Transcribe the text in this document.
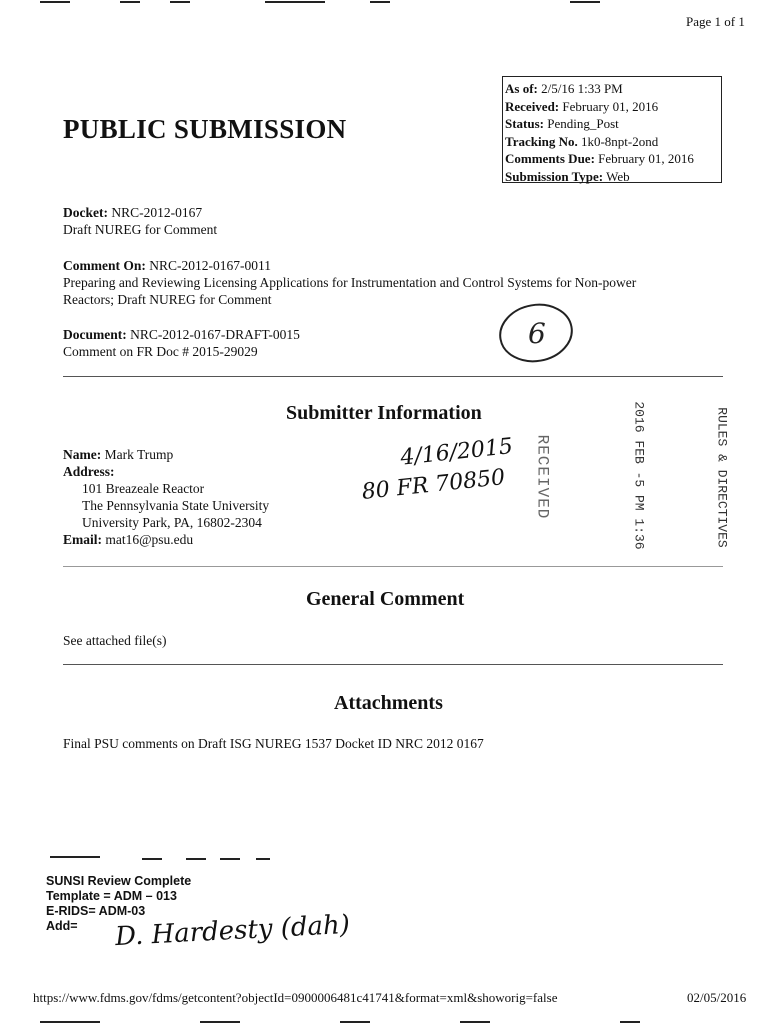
Page 1 of 1
PUBLIC SUBMISSION
As of: 2/5/16 1:33 PM
Received: February 01, 2016
Status: Pending_Post
Tracking No. 1k0-8npt-2ond
Comments Due: February 01, 2016
Submission Type: Web
Docket: NRC-2012-0167
Draft NUREG for Comment
Comment On: NRC-2012-0167-0011
Preparing and Reviewing Licensing Applications for Instrumentation and Control Systems for Non-power
Reactors; Draft NUREG for Comment
Document: NRC-2012-0167-DRAFT-0015
Comment on FR Doc # 2015-29029
6
Submitter Information
Name: Mark Trump
Address:
101 Breazeale Reactor
The Pennsylvania State University
University Park, PA, 16802-2304
Email: mat16@psu.edu
4/16/2015
80 FR 70850	RECEIVED	2016 FEB -5 PM 1:36	RULES & DIRECTIVES
General Comment
See attached file(s)
Attachments
Final PSU comments on Draft ISG NUREG 1537 Docket ID NRC 2012 0167
SUNSI Review Complete
Template = ADM – 013
E-RIDS= ADM-03
Add=	D. Hardesty (dah)
https://www.fdms.gov/fdms/getcontent?objectId=0900006481c41741&format=xml&showorig=false	02/05/2016
